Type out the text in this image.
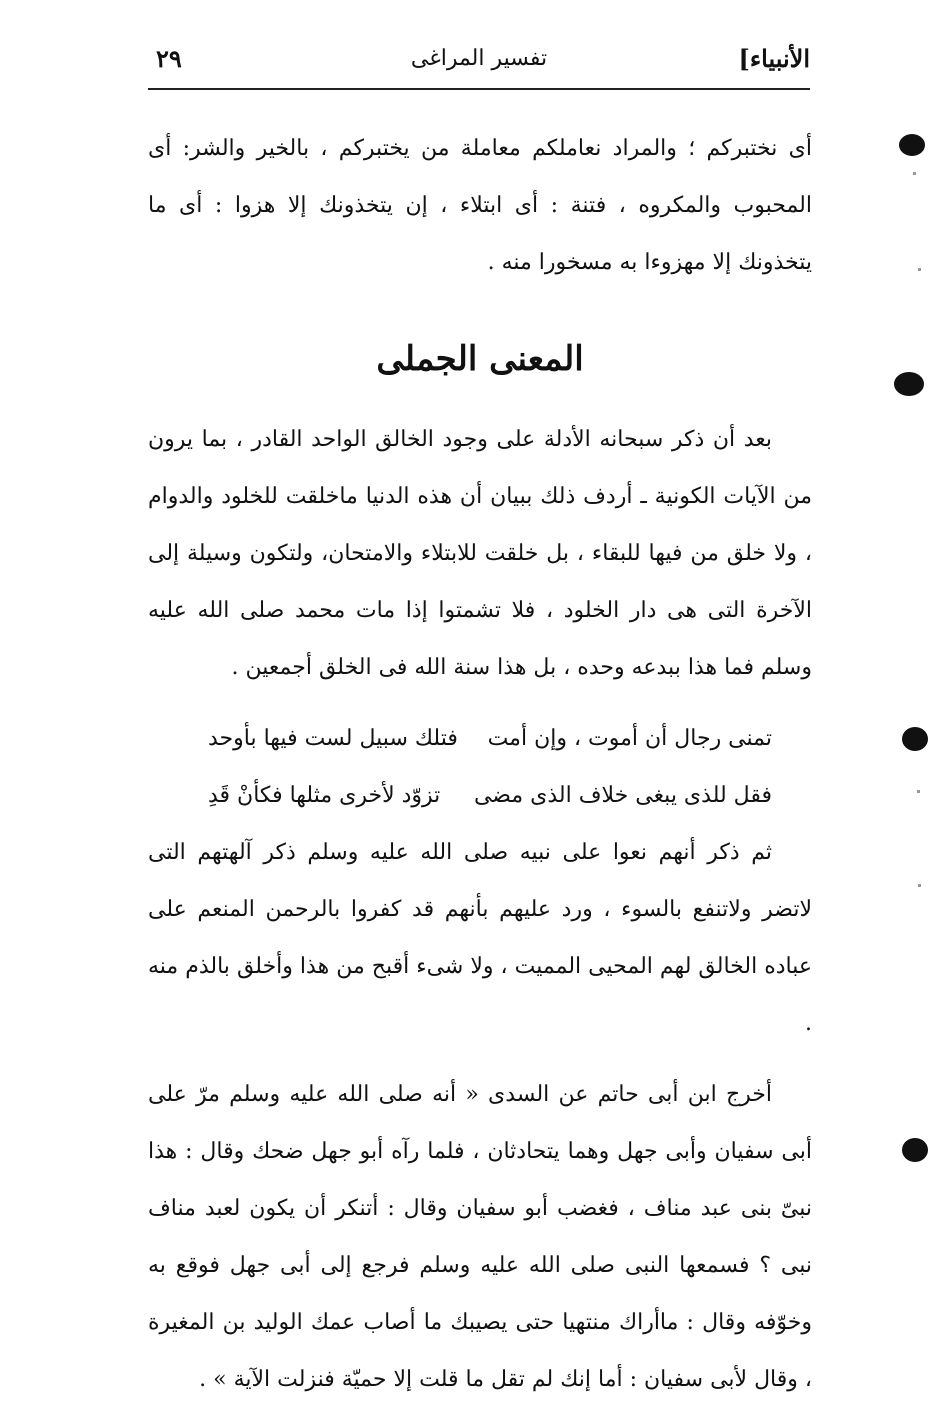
الأنبياء]
تفسير المراغى
٢٩

أى نختبركم ؛ والمراد نعاملكم معاملة من يختبركم ، بالخير والشر: أى المحبوب والمكروه ، فتنة : أى ابتلاء ، إن يتخذونك إلا هزوا : أى ما يتخذونك إلا مهزوءا به مسخورا منه .

المعنى الجملى

بعد أن ذكر سبحانه الأدلة على وجود الخالق الواحد القادر ، بما يرون من الآيات الكونية ـ أردف ذلك ببيان أن هذه الدنيا ماخلقت للخلود والدوام ، ولا خلق من فيها للبقاء ، بل خلقت للابتلاء والامتحان، ولتكون وسيلة إلى الآخرة التى هى دار الخلود ، فلا تشمتوا إذا مات محمد صلى الله عليه وسلم فما هذا ببدعه وحده ، بل هذا سنة الله فى الخلق أجمعين .

تمنى رجال أن أموت ، وإن أمت
فتلك سبيل لست فيها بأوحد
فقل للذى يبغى خلاف الذى مضى
تزوّد لأخرى مثلها فكأنْ قَدِ

ثم ذكر أنهم نعوا على نبيه صلى الله عليه وسلم ذكر آلهتهم التى لاتضر ولاتنفع بالسوء ، ورد عليهم بأنهم قد كفروا بالرحمن المنعم على عباده الخالق لهم المحيى المميت ، ولا شىء أقبح من هذا وأخلق بالذم منه .

أخرج ابن أبى حاتم عن السدى « أنه صلى الله عليه وسلم مرّ على أبى سفيان وأبى جهل وهما يتحادثان ، فلما رآه أبو جهل ضحك وقال : هذا نبىّ بنى عبد مناف ، فغضب أبو سفيان وقال : أتنكر أن يكون لعبد مناف نبى ؟ فسمعها النبى صلى الله عليه وسلم فرجع إلى أبى جهل فوقع به وخوّفه وقال : ماأراك منتهيا حتى يصيبك ما أصاب عمك الوليد بن المغيرة ، وقال لأبى سفيان : أما إنك لم تقل ما قلت إلا حميّة فنزلت الآية » .
